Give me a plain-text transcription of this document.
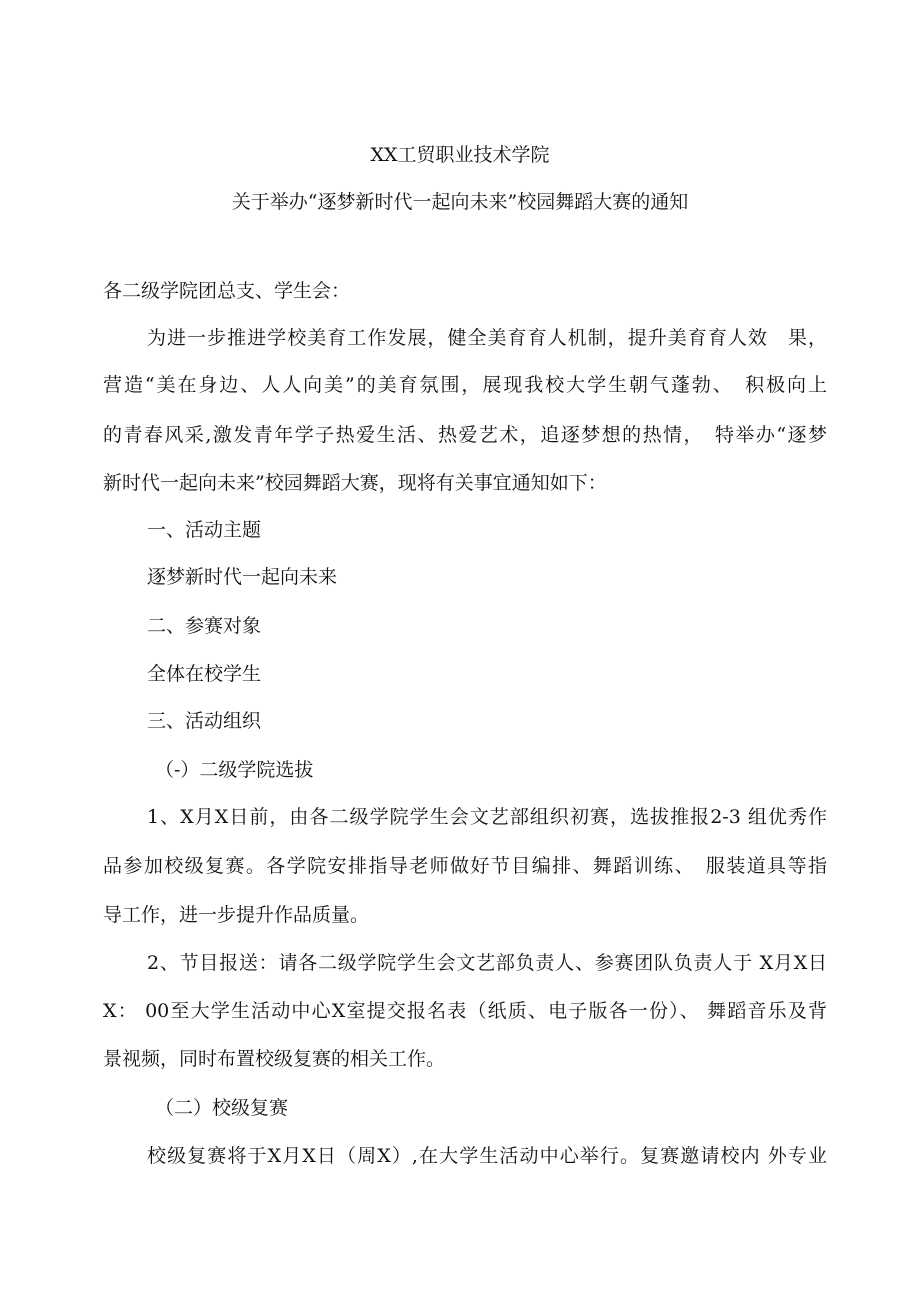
XX工贸职业技术学院
关于举办“逐梦新时代一起向未来”校园舞蹈大赛的通知
各二级学院团总支、学生会：
为进一步推进学校美育工作发展，健全美育育人机制，提升美育育人效　果，
营造“美在身边、人人向美”的美育氛围，展现我校大学生朝气蓬勃、　积极向上
的青春风采,激发青年学子热爱生活、热爱艺术，追逐梦想的热情，　特举办“逐梦
新时代一起向未来”校园舞蹈大赛，现将有关事宜通知如下：
一、活动主题
逐梦新时代一起向未来
二、参赛对象
全体在校学生
三、活动组织
（-）二级学院选拔
1、X月X日前，由各二级学院学生会文艺部组织初赛，选拔推报2-3 组优秀作
品参加校级复赛。各学院安排指导老师做好节目编排、舞蹈训练、　服装道具等指
导工作，进一步提升作品质量。
2、节目报送：请各二级学院学生会文艺部负责人、参赛团队负责人于 X月X日
X： 00至大学生活动中心X室提交报名表（纸质、电子版各一份）、 舞蹈音乐及背
景视频，同时布置校级复赛的相关工作。
（二）校级复赛
校级复赛将于X月X日（周X）,在大学生活动中心举行。复赛邀请校内 外专业
